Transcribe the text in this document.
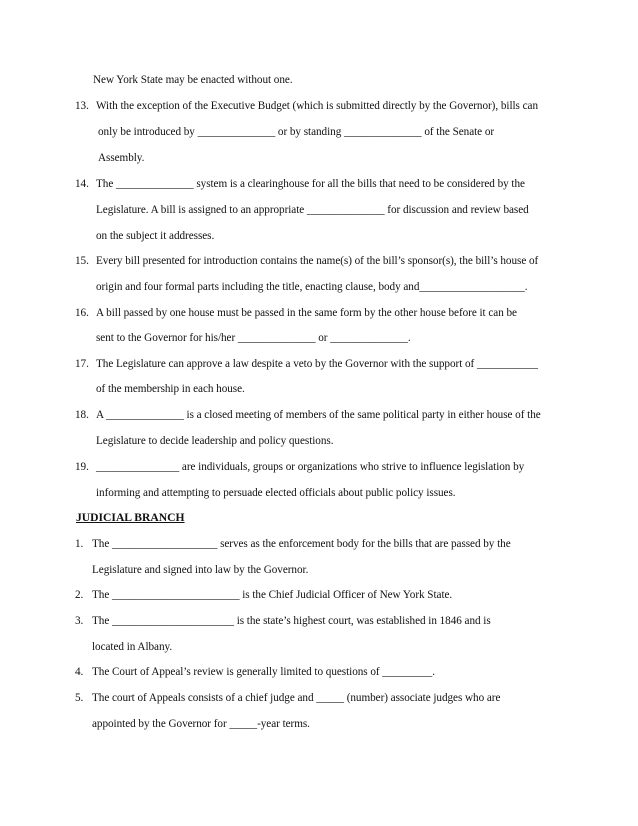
New York State may be enacted without one.
13. With the exception of the Executive Budget (which is submitted directly by the Governor), bills can
only be introduced by ______________ or by standing ______________ of the Senate or
Assembly.
14. The ______________ system is a clearinghouse for all the bills that need to be considered by the
Legislature. A bill is assigned to an appropriate ______________ for discussion and review based
on the subject it addresses.
15. Every bill presented for introduction contains the name(s) of the bill’s sponsor(s), the bill’s house of
origin and four formal parts including the title, enacting clause, body and___________________.
16. A bill passed by one house must be passed in the same form by the other house before it can be
sent to the Governor for his/her ______________ or ______________.
17. The Legislature can approve a law despite a veto by the Governor with the support of ___________
of the membership in each house.
18. A ______________ is a closed meeting of members of the same political party in either house of the
Legislature to decide leadership and policy questions.
19. _______________ are individuals, groups or organizations who strive to influence legislation by
informing and attempting to persuade elected officials about public policy issues.
JUDICIAL BRANCH
1. The ___________________ serves as the enforcement body for the bills that are passed by the
Legislature and signed into law by the Governor.
2. The _______________________ is the Chief Judicial Officer of New York State.
3. The ______________________ is the state’s highest court, was established in 1846 and is
located in Albany.
4. The Court of Appeal’s review is generally limited to questions of _________.
5. The court of Appeals consists of a chief judge and _____ (number) associate judges who are
appointed by the Governor for _____-year terms.
